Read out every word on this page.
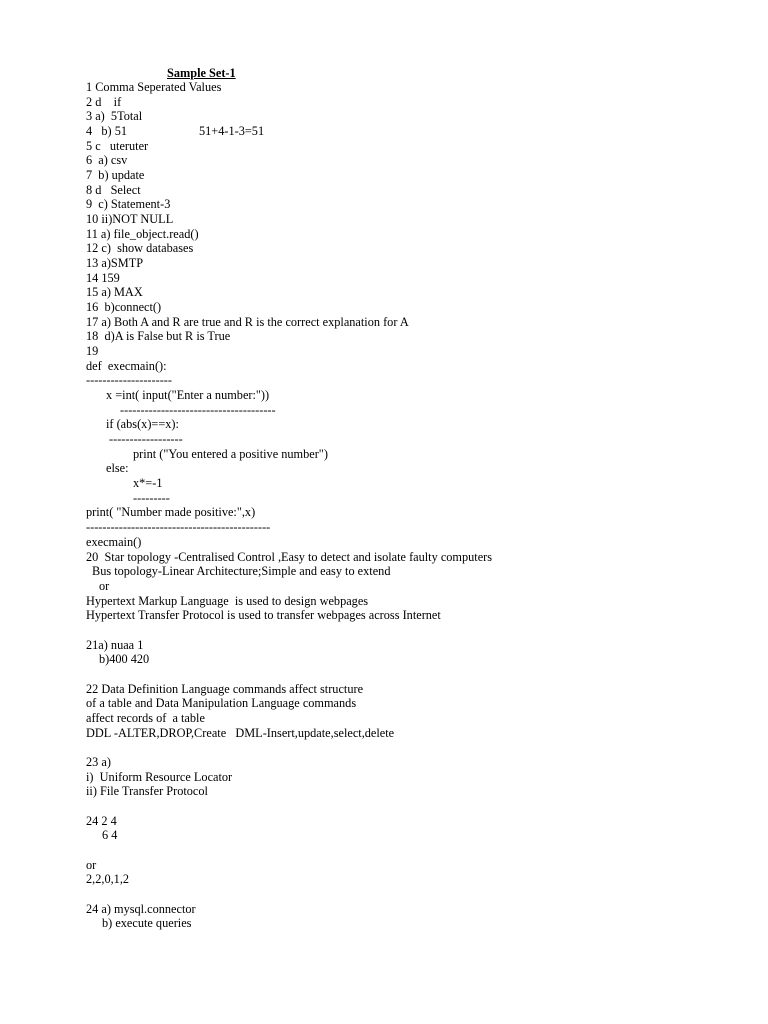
Sample Set-1
1 Comma Seperated Values
2 d    if
3 a)  5Total
4   b) 51	51+4-1-3=51
5 c   uteruter
6  a) csv
7  b) update
8 d   Select
9  c) Statement-3
10 ii)NOT NULL
11 a) file_object.read()
12 c)  show databases
13 a)SMTP
14 159
15 a) MAX
16  b)connect()
17 a) Both A and R are true and R is the correct explanation for A
18  d)A is False but R is True
19
def  execmain():
---------------------
x =int( input("Enter a number:"))
--------------------------------------
if (abs(x)==x):
------------------
print ("You entered a positive number")
else:
x*=-1
---------
print( "Number made positive:",x)
---------------------------------------------
execmain()
20  Star topology -Centralised Control ,Easy to detect and isolate faulty computers
Bus topology-Linear Architecture;Simple and easy to extend
or
Hypertext Markup Language  is used to design webpages
Hypertext Transfer Protocol is used to transfer webpages across Internet
21a) nuaa 1
b)400 420
22 Data Definition Language commands affect structure
of a table and Data Manipulation Language commands
affect records of  a table
DDL -ALTER,DROP,Create   DML-Insert,update,select,delete
23 a)
i)  Uniform Resource Locator
ii) File Transfer Protocol
24 2 4
6 4
or
2,2,0,1,2
24 a) mysql.connector
b) execute queries
